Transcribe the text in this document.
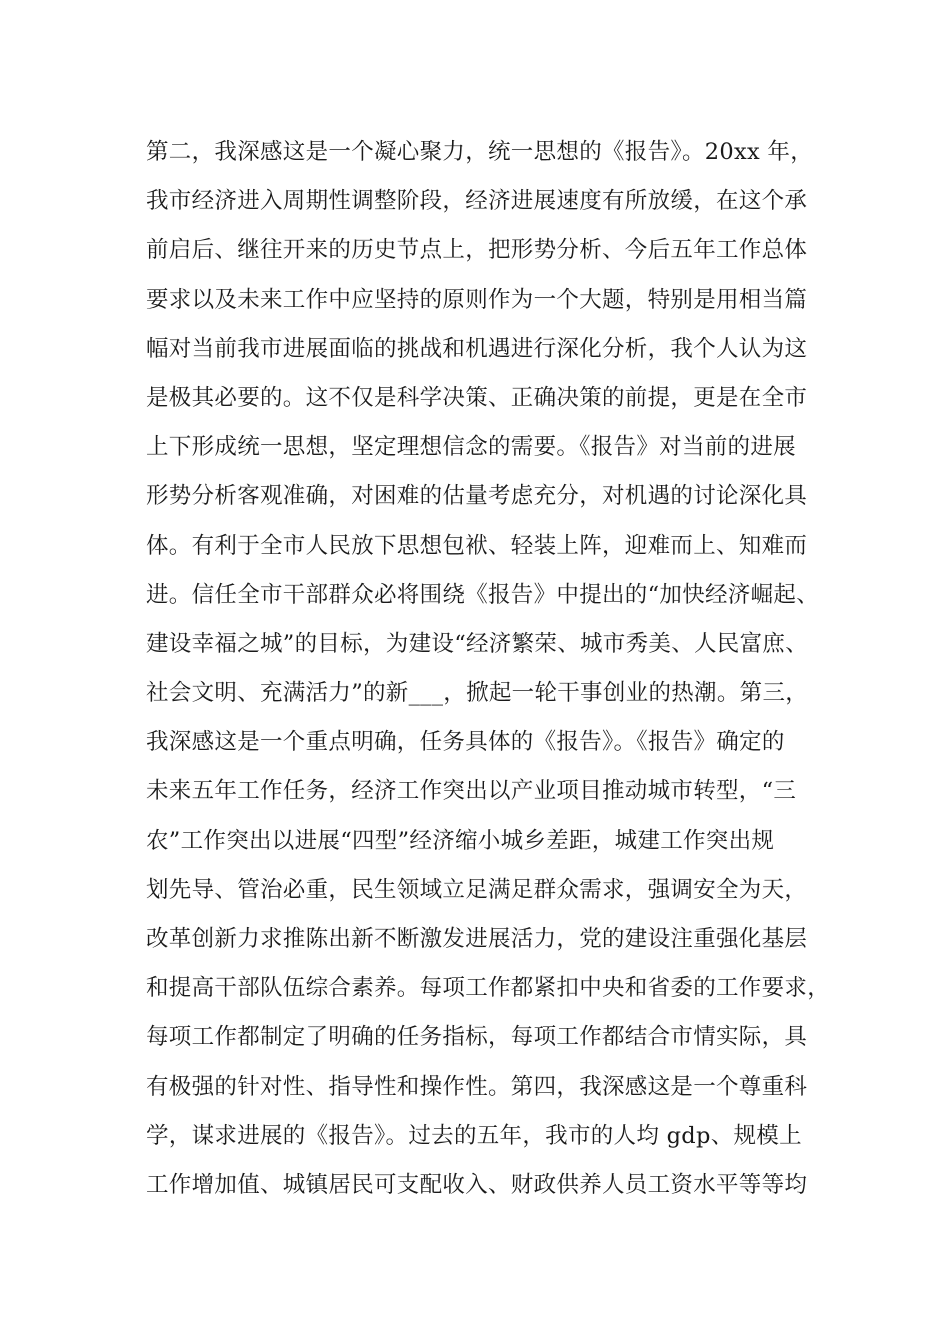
第二，我深感这是一个凝心聚力，统一思想的《报告》。20xx 年，
我市经济进入周期性调整阶段，经济进展速度有所放缓，在这个承
前启后、继往开来的历史节点上，把形势分析、今后五年工作总体
要求以及未来工作中应坚持的原则作为一个大题，特别是用相当篇
幅对当前我市进展面临的挑战和机遇进行深化分析，我个人认为这
是极其必要的。这不仅是科学决策、正确决策的前提，更是在全市
上下形成统一思想，坚定理想信念的需要。《报告》对当前的进展
形势分析客观准确，对困难的估量考虑充分，对机遇的讨论深化具
体。有利于全市人民放下思想包袱、轻装上阵，迎难而上、知难而
进。信任全市干部群众必将围绕《报告》中提出的“加快经济崛起、
建设幸福之城”的目标，为建设“经济繁荣、城市秀美、人民富庶、
社会文明、充满活力”的新___，掀起一轮干事创业的热潮。第三，
我深感这是一个重点明确，任务具体的《报告》。《报告》确定的
未来五年工作任务，经济工作突出以产业项目推动城市转型，“三
农”工作突出以进展“四型”经济缩小城乡差距，城建工作突出规
划先导、管治必重，民生领域立足满足群众需求，强调安全为天，
改革创新力求推陈出新不断激发进展活力，党的建设注重强化基层
和提高干部队伍综合素养。每项工作都紧扣中央和省委的工作要求，
每项工作都制定了明确的任务指标，每项工作都结合市情实际，具
有极强的针对性、指导性和操作性。第四，我深感这是一个尊重科
学，谋求进展的《报告》。过去的五年，我市的人均 gdp、规模上
工作增加值、城镇居民可支配收入、财政供养人员工资水平等等均
